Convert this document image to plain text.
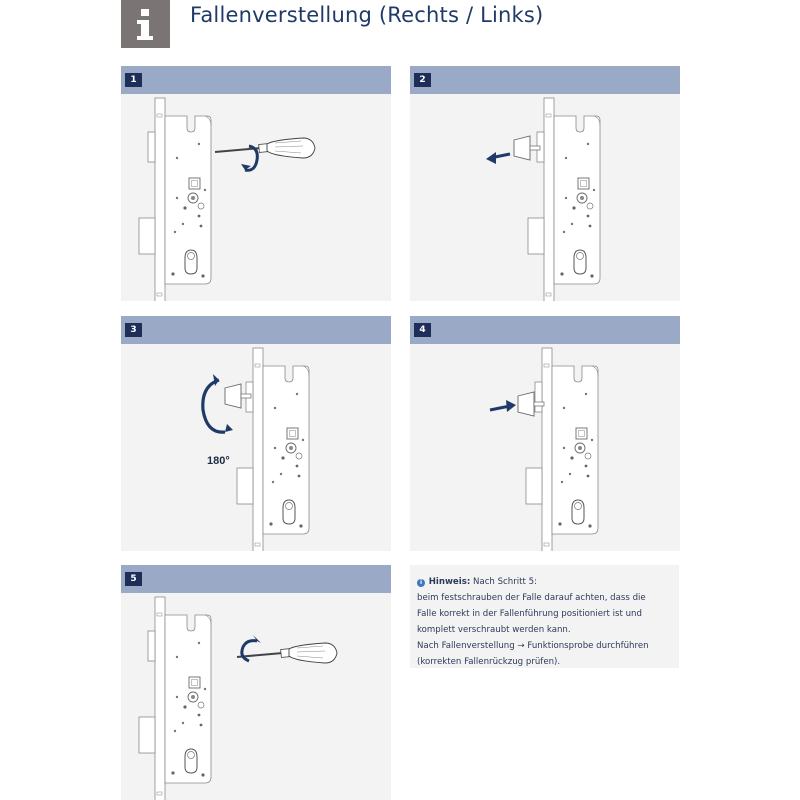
Fallenverstellung (Rechts / Links)
1	2
3
180°
4
5	i Hinweis: Nach Schritt 5:
beim festschrauben der Falle darauf achten, dass die
Falle korrekt in der Fallenführung positioniert ist und
komplett verschraubt werden kann.
Nach Fallenverstellung → Funktionsprobe durchführen
(korrekten Fallenrückzug prüfen).
